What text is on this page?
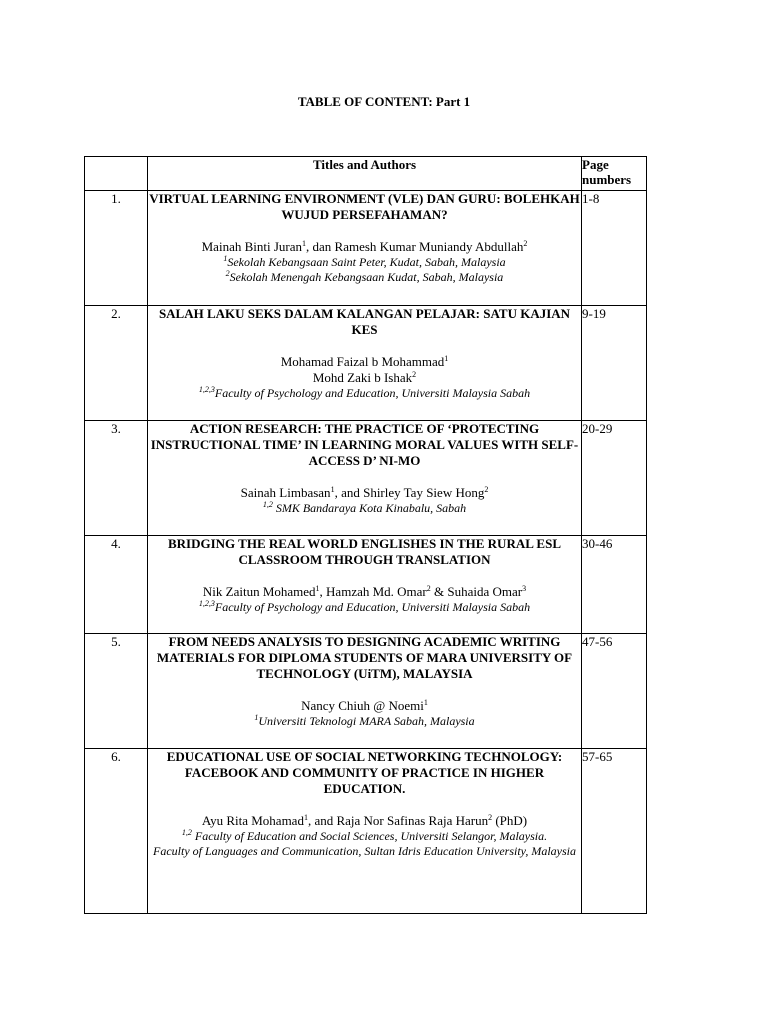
TABLE OF CONTENT: Part 1
	Titles and Authors	Page numbers
1.	VIRTUAL LEARNING ENVIRONMENT (VLE) DAN GURU: BOLEHKAH WUJUD PERSEFAHAMAN?
Mainah Binti Juran$^1$, dan Ramesh Kumar Muniandy Abdullah$^2$
$^1$Sekolah Kebangsaan Saint Peter, Kudat, Sabah, Malaysia
$^2$Sekolah Menengah Kebangsaan Kudat, Sabah, Malaysia	1-8
2.	SALAH LAKU SEKS DALAM KALANGAN PELAJAR: SATU KAJIAN KES
Mohamad Faizal b Mohammad$^1$
Mohd Zaki b Ishak$^2$
$^{1,2,3}$Faculty of Psychology and Education, Universiti Malaysia Sabah	9-19
3.	ACTION RESEARCH: THE PRACTICE OF ‘PROTECTING INSTRUCTIONAL TIME’ IN LEARNING MORAL VALUES WITH SELF-ACCESS D’ NI-MO
Sainah Limbasan$^1$, and Shirley Tay Siew Hong$^2$
$^{1,2}$ SMK Bandaraya Kota Kinabalu, Sabah	20-29
4.	BRIDGING THE REAL WORLD ENGLISHES IN THE RURAL ESL CLASSROOM THROUGH TRANSLATION
Nik Zaitun Mohamed$^1$, Hamzah Md. Omar$^2$ & Suhaida Omar$^3$
$^{1,2,3}$Faculty of Psychology and Education, Universiti Malaysia Sabah	30-46
5.	FROM NEEDS ANALYSIS TO DESIGNING ACADEMIC WRITING MATERIALS FOR DIPLOMA STUDENTS OF MARA UNIVERSITY OF TECHNOLOGY (UiTM), MALAYSIA
Nancy Chiuh @ Noemi$^1$
$^1$Universiti Teknologi MARA Sabah, Malaysia	47-56
6.	EDUCATIONAL USE OF SOCIAL NETWORKING TECHNOLOGY: FACEBOOK AND COMMUNITY OF PRACTICE IN HIGHER EDUCATION.
Ayu Rita Mohamad$^1$, and Raja Nor Safinas Raja Harun$^2$ (PhD)
$^{1,2}$ Faculty of Education and Social Sciences, Universiti Selangor, Malaysia.
Faculty of Languages and Communication, Sultan Idris Education University, Malaysia	57-65
